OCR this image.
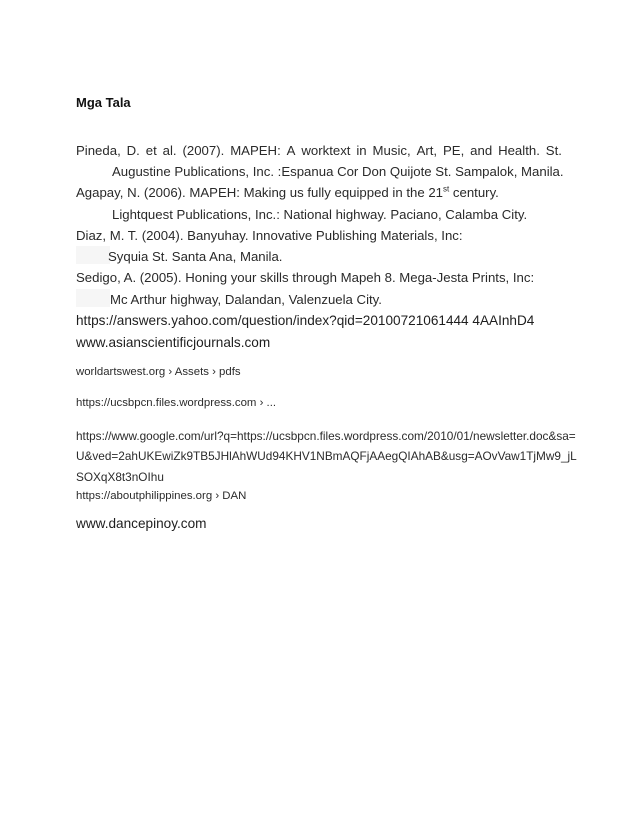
Mga Tala
Pineda, D. et al. (2007). MAPEH: A worktext in Music, Art, PE, and Health. St.
Augustine Publications, Inc. :Espanua Cor Don Quijote St. Sampalok, Manila.
Agapay, N. (2006). MAPEH: Making us fully equipped in the 21st century.
Lightquest Publications, Inc.: National highway. Paciano, Calamba City.
Diaz, M. T. (2004). Banyuhay. Innovative Publishing Materials, Inc:
Syquia St. Santa Ana, Manila.
Sedigo, A. (2005). Honing your skills through Mapeh 8. Mega-Jesta Prints, Inc:
Mc Arthur highway, Dalandan, Valenzuela City.
https://answers.yahoo.com/question/index?qid=20100721061444 4AAInhD4
www.asianscientificjournals.com
worldartswest.org › Assets › pdfs
https://ucsbpcn.files.wordpress.com › ...
https://www.google.com/url?q=https://ucsbpcn.files.wordpress.com/2010/01/newsletter.doc&sa=
U&ved=2ahUKEwiZk9TB5JHlAhWUd94KHV1NBmAQFjAAegQIAhAB&usg=AOvVaw1TjMw9_jL
SOXqX8t3nOIhu
https://aboutphilippines.org › DAN
www.dancepinoy.com
